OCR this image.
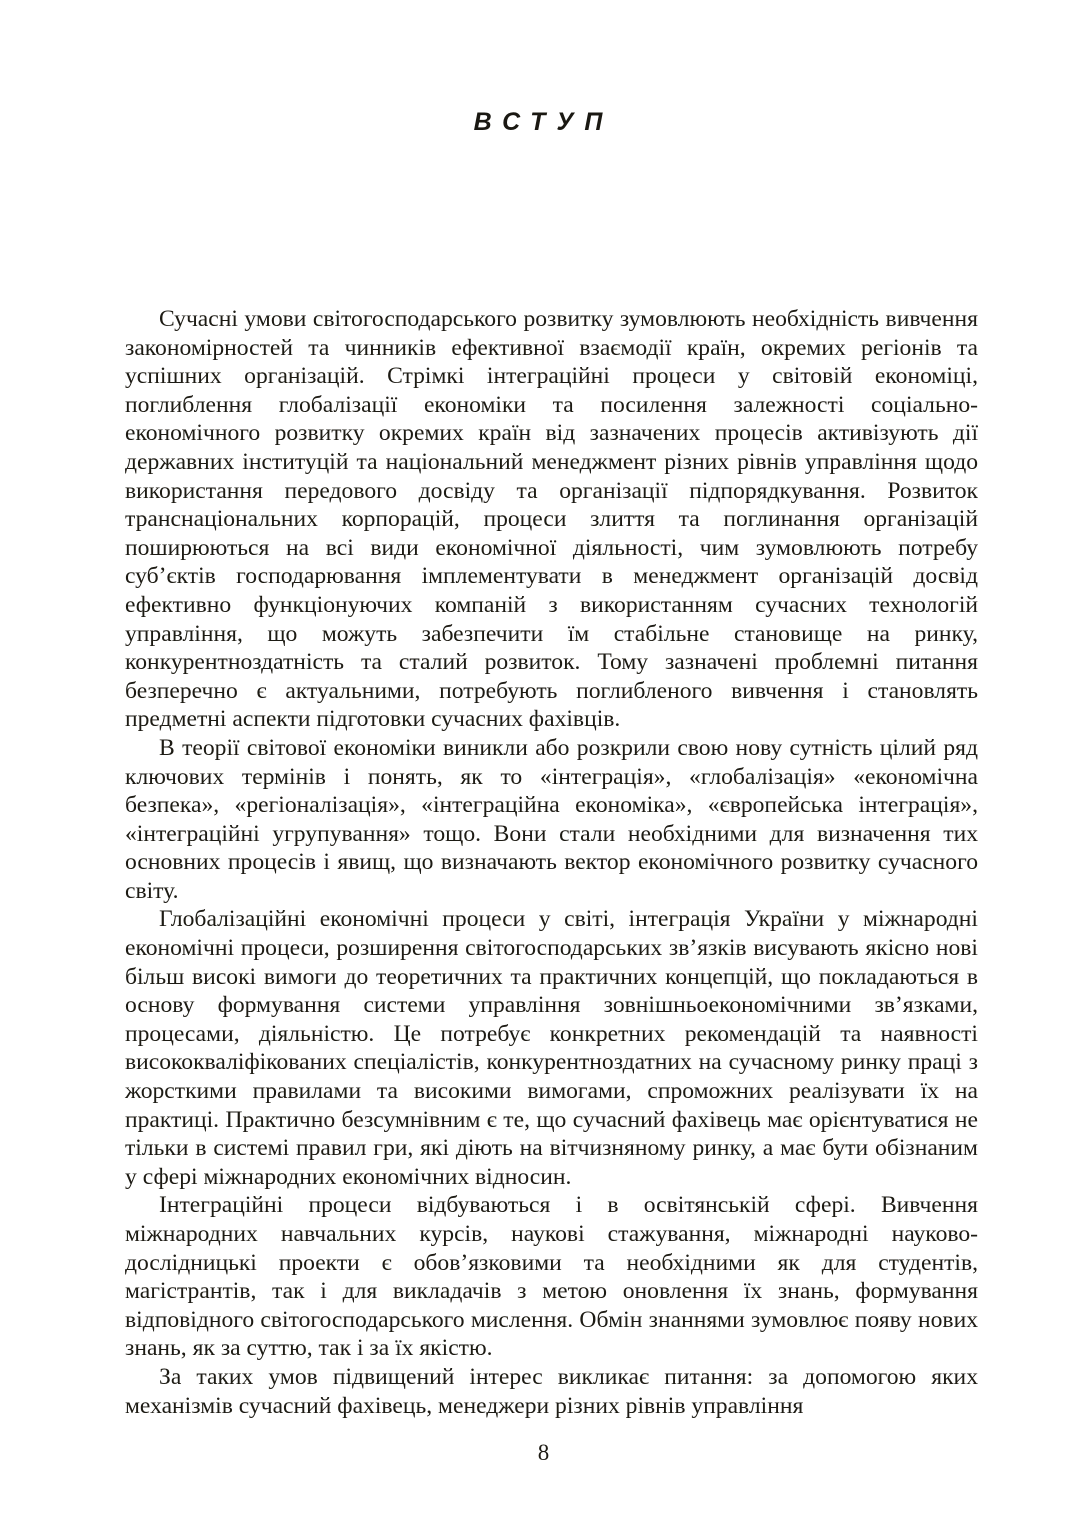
ВСТУП

Сучасні умови світогосподарського розвитку зумовлюють необхідність вивчення закономірностей та чинників ефективної взаємодії країн, окремих регіонів та успішних організацій. Стрімкі інтеграційні процеси у світовій економіці, поглиблення глобалізації економіки та посилення залежності соціально-економічного розвитку окремих країн від зазначених процесів активізують дії державних інституцій та національний менеджмент різних рівнів управління щодо використання передового досвіду та організації підпорядкування. Розвиток транснаціональних корпорацій, процеси злиття та поглинання організацій поширюються на всі види економічної діяльності, чим зумовлюють потребу суб’єктів господарювання імплементувати в менеджмент організацій досвід ефективно функціонуючих компаній з використанням сучасних технологій управління, що можуть забезпечити їм стабільне становище на ринку, конкурентноздатність та сталий розвиток. Тому зазначені проблемні питання безперечно є актуальними, потребують поглибленого вивчення і становлять предметні аспекти підготовки сучасних фахівців.

В теорії світової економіки виникли або розкрили свою нову сутність цілий ряд ключових термінів і понять, як то «інтеграція», «глобалізація» «економічна безпека», «регіоналізація», «інтеграційна економіка», «європейська інтеграція», «інтеграційні угрупування» тощо. Вони стали необхідними для визначення тих основних процесів і явищ, що визначають вектор економічного розвитку сучасного світу.

Глобалізаційні економічні процеси у світі, інтеграція України у міжнародні економічні процеси, розширення світогосподарських зв’язків висувають якісно нові більш високі вимоги до теоретичних та практичних концепцій, що покладаються в основу формування системи управління зовнішньоекономічними зв’язками, процесами, діяльністю. Це потребує конкретних рекомендацій та наявності висококваліфікованих спеціалістів, конкурентноздатних на сучасному ринку праці з жорсткими правилами та високими вимогами, спроможних реалізувати їх на практиці. Практично безсумнівним є те, що сучасний фахівець має орієнтуватися не тільки в системі правил гри, які діють на вітчизняному ринку, а має бути обізнаним у сфері міжнародних економічних відносин.

Інтеграційні процеси відбуваються і в освітянській сфері. Вивчення міжнародних навчальних курсів, наукові стажування, міжнародні науково-дослідницькі проекти є обов’язковими та необхідними як для студентів, магістрантів, так і для викладачів з метою оновлення їх знань, формування відповідного світогосподарського мислення. Обмін знаннями зумовлює появу нових знань, як за суттю, так і за їх якістю.

За таких умов підвищений інтерес викликає питання: за допомогою яких механізмів сучасний фахівець, менеджери різних рівнів управління

8
